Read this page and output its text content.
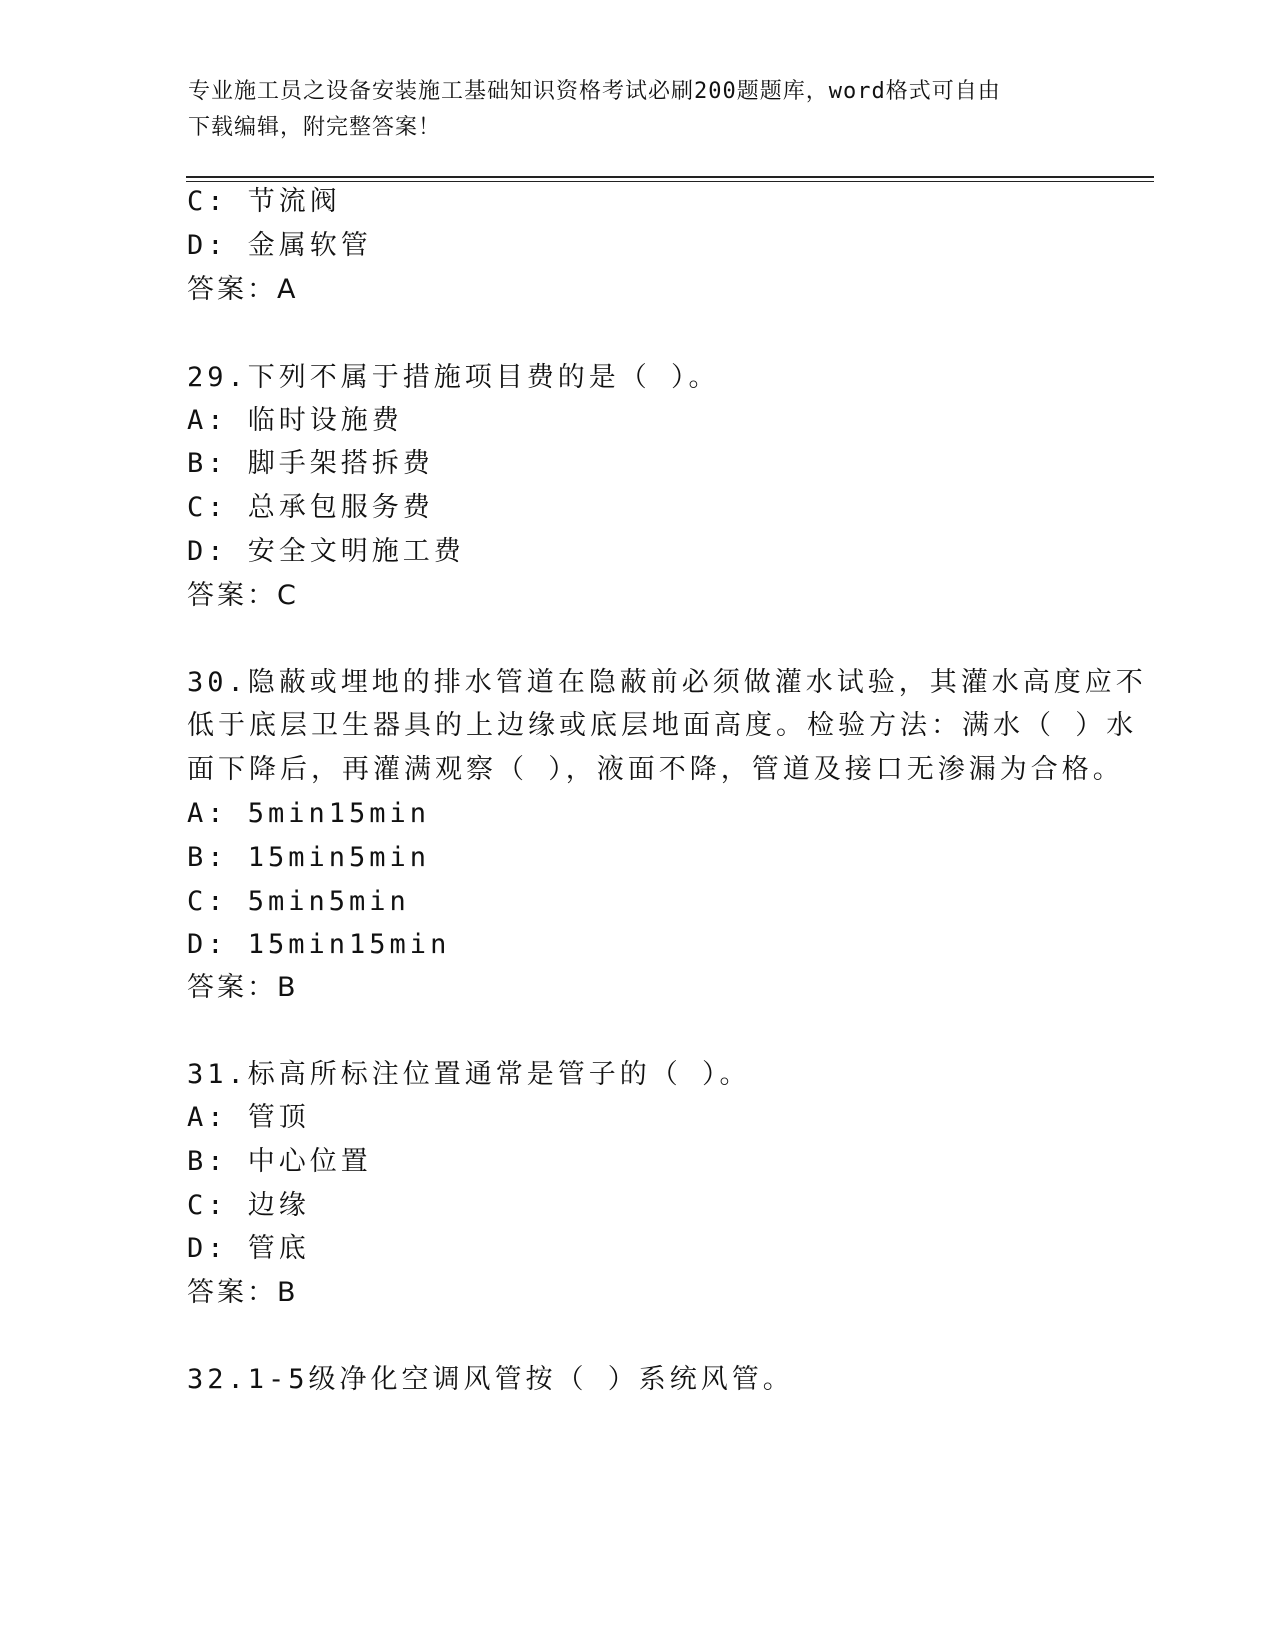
专业施工员之设备安装施工基础知识资格考试必刷200题题库，word格式可自由
下载编辑，附完整答案！
C: 节流阀
D: 金属软管
答案：A
29.下列不属于措施项目费的是（ ）。
A: 临时设施费
B: 脚手架搭拆费
C: 总承包服务费
D: 安全文明施工费
答案：C
30.隐蔽或埋地的排水管道在隐蔽前必须做灌水试验，其灌水高度应不
低于底层卫生器具的上边缘或底层地面高度。检验方法：满水（ ）水
面下降后，再灌满观察（ ），液面不降，管道及接口无渗漏为合格。
A: 5min15min
B: 15min5min
C: 5min5min
D: 15min15min
答案：B
31.标高所标注位置通常是管子的（ ）。
A: 管顶
B: 中心位置
C: 边缘
D: 管底
答案：B
32.1-5级净化空调风管按（ ）系统风管。
